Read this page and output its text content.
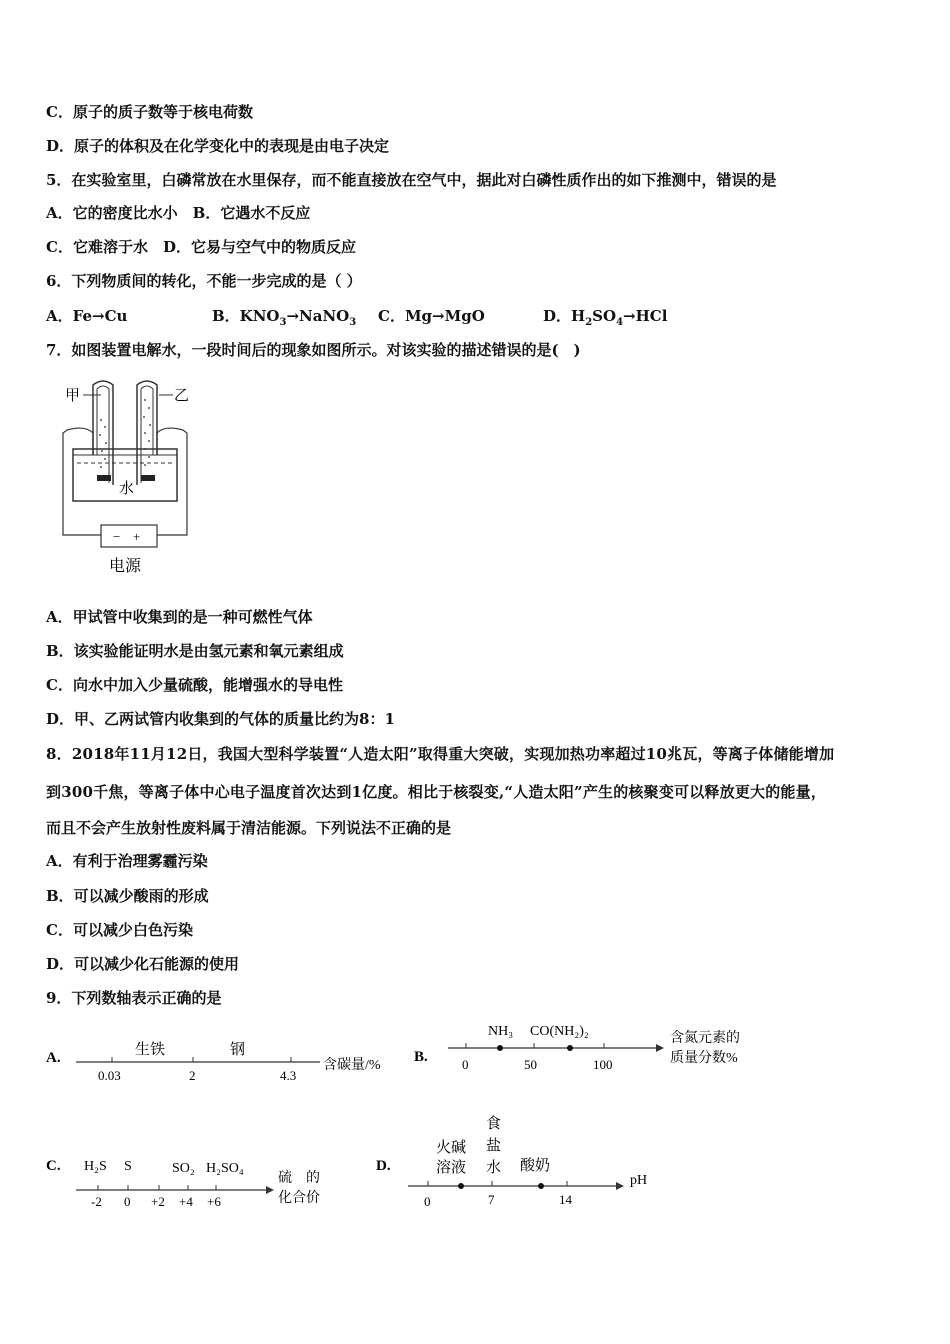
C．原子的质子数等于核电荷数
D．原子的体积及在化学变化中的表现是由电子决定
5．在实验室里，白磷常放在水里保存，而不能直接放在空气中，据此对白磷性质作出的如下推测中，错误的是
A．它的密度比水小　B．它遇水不反应
C．它难溶于水　D．它易与空气中的物质反应
6．下列物质间的转化，不能一步完成的是（ ）
A．Fe→Cu	B．$KNO_3\to NaNO_3$ C．Mg→MgO	D．$H_2SO_4\to HCl$
7．如图装置电解水，一段时间后的现象如图所示。对该实验的描述错误的是(　)
甲	乙
水
− +
电源
A．甲试管中收集到的是一种可燃性气体
B．该实验能证明水是由氢元素和氧元素组成
C．向水中加入少量硫酸，能增强水的导电性
D．甲、乙两试管内收集到的气体的质量比约为8：1
8．2018年11月12日，我国大型科学装置“人造太阳”取得重大突破，实现加热功率超过10兆瓦，等离子体储能增加
到300千焦，等离子体中心电子温度首次达到1亿度。相比于核裂变,“人造太阳”产生的核聚变可以释放更大的能量，
而且不会产生放射性废料属于清洁能源。下列说法不正确的是
A．有利于治理雾霾污染
B．可以减少酸雨的形成
C．可以减少白色污染
D．可以减少化石能源的使用
9．下列数轴表示正确的是
A.	生铁	钢
0.03	2	4.3
含碳量/%
B.
NH₃ CO(NH₂)₂
0	50	100
含氮元素的
质量分数%
C. H₂S S	SO₂ H₂SO₄
-2 0 +2 +4 +6
硫　的
化合价
D.
火碱
溶液
食
盐
水 酸奶
0	7	14
pH
